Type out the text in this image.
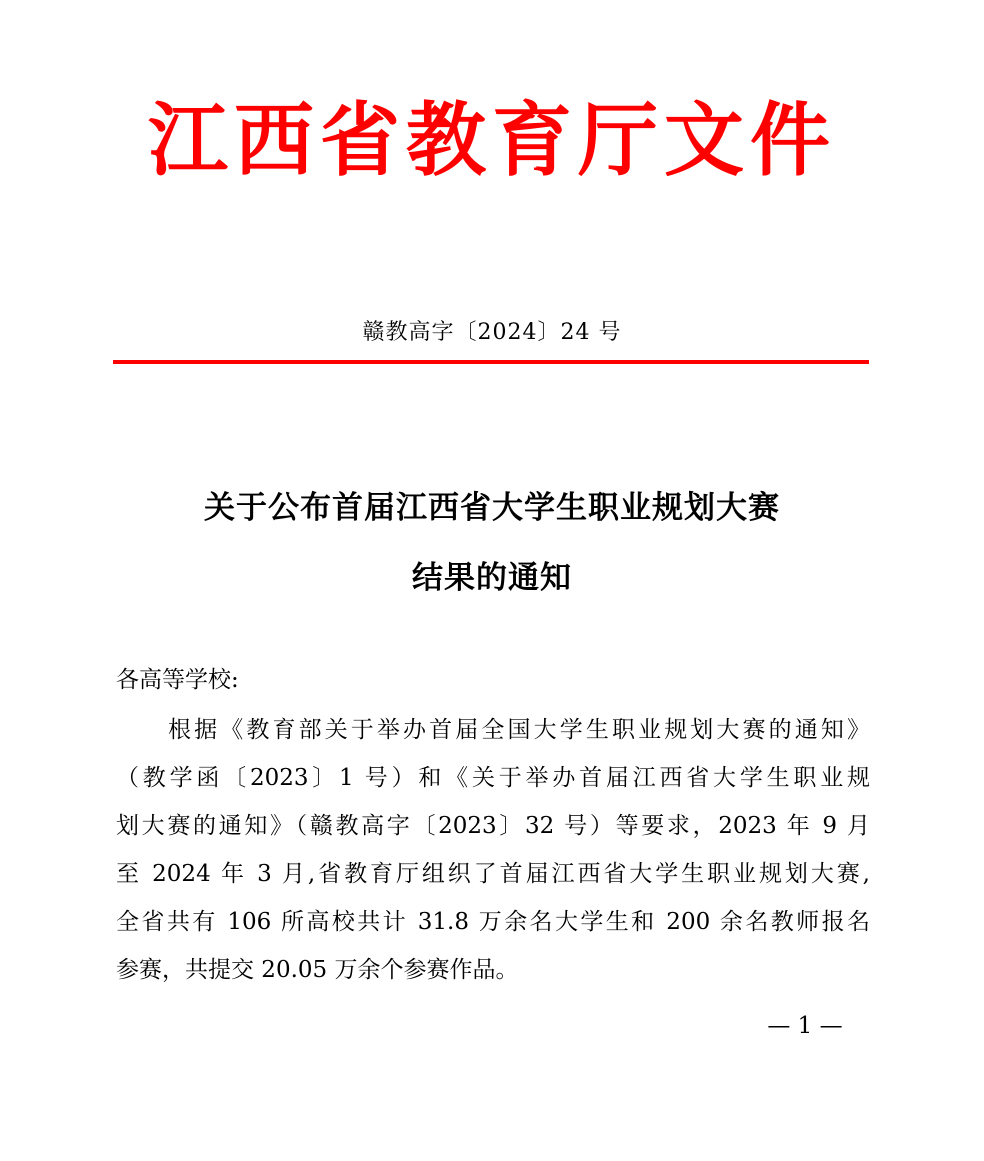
江西省教育厅文件
赣教高字〔2024〕24 号
关于公布首届江西省大学生职业规划大赛
结果的通知
各高等学校:
根据《教育部关于举办首届全国大学生职业规划大赛的通知》
（教学函〔2023〕1 号）和《关于举办首届江西省大学生职业规
划大赛的通知》（赣教高字〔2023〕32 号）等要求，2023 年 9 月
至 2024 年 3 月,省教育厅组织了首届江西省大学生职业规划大赛,
全省共有 106 所高校共计 31.8 万余名大学生和 200 余名教师报名
参赛，共提交 20.05 万余个参赛作品。
— 1 —
